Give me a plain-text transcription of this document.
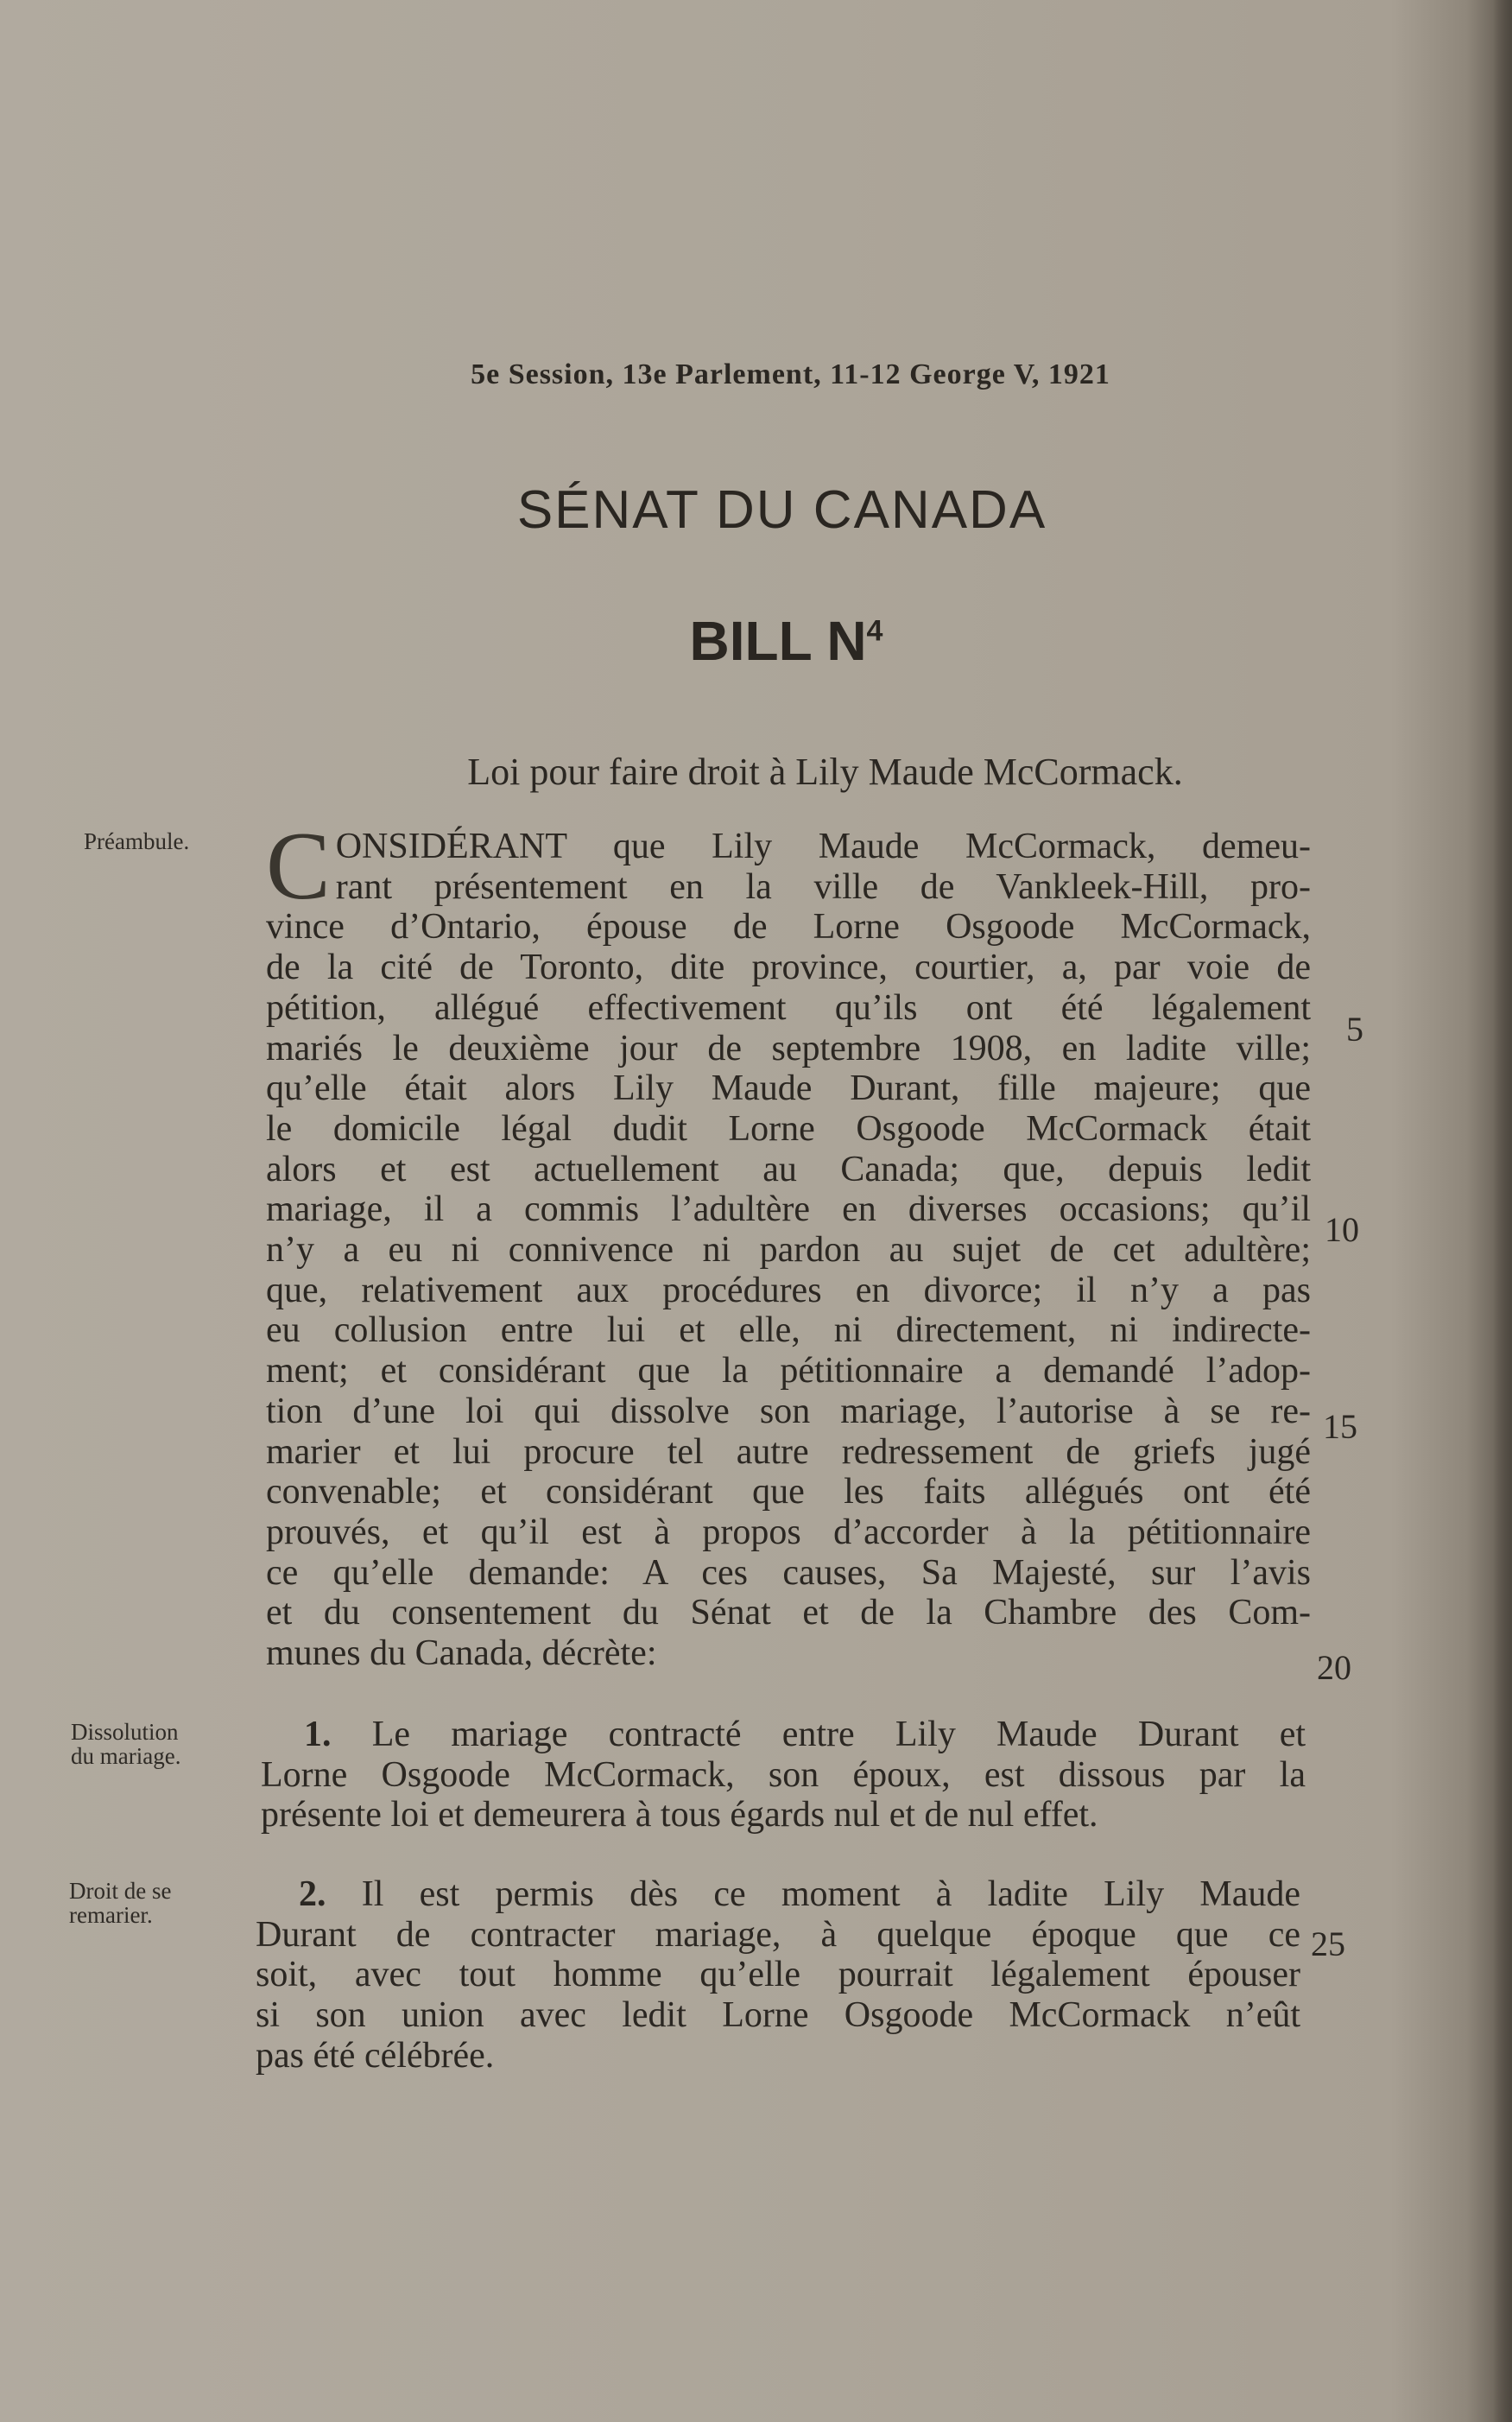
5e Session, 13e Parlement, 11-12 George V, 1921
SÉNAT DU CANADA
BILL $N^4$
Loi pour faire droit à Lily Maude McCormack.
Préambule.
Dissolution
du mariage.
Droit de se
remarier.
C ONSIDÉRANT que Lily Maude McCormack, demeu-
rant présentement en la ville de Vankleek-Hill, pro-
vince d’Ontario, épouse de Lorne Osgoode McCormack,
de la cité de Toronto, dite province, courtier, a, par voie de
pétition, allégué effectivement qu’ils ont été légalement
mariés le deuxième jour de septembre 1908, en ladite ville;
qu’elle était alors Lily Maude Durant, fille majeure; que
le domicile légal dudit Lorne Osgoode McCormack était
alors et est actuellement au Canada; que, depuis ledit
mariage, il a commis l’adultère en diverses occasions; qu’il
n’y a eu ni connivence ni pardon au sujet de cet adultère;
que, relativement aux procédures en divorce; il n’y a pas
eu collusion entre lui et elle, ni directement, ni indirecte-
ment; et considérant que la pétitionnaire a demandé l’adop-
tion d’une loi qui dissolve son mariage, l’autorise à se re-
marier et lui procure tel autre redressement de griefs jugé
convenable; et considérant que les faits allégués ont été
prouvés, et qu’il est à propos d’accorder à la pétitionnaire
ce qu’elle demande: A ces causes, Sa Majesté, sur l’avis
et du consentement du Sénat et de la Chambre des Com-
munes du Canada, décrète:
1. Le mariage contracté entre Lily Maude Durant et
Lorne Osgoode McCormack, son époux, est dissous par la
présente loi et demeurera à tous égards nul et de nul effet.
2. Il est permis dès ce moment à ladite Lily Maude
Durant de contracter mariage, à quelque époque que ce
soit, avec tout homme qu’elle pourrait légalement épouser
si son union avec ledit Lorne Osgoode McCormack n’eût
pas été célébrée.
5
10
15
20
25
